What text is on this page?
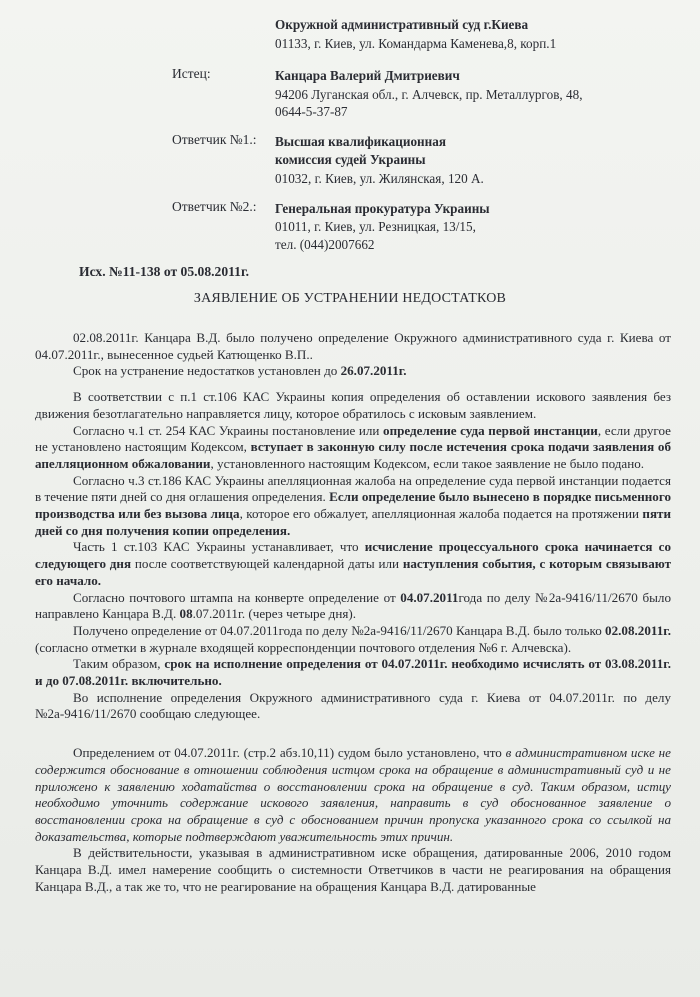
Окружной административный суд г.Киева
01133, г. Киев, ул. Командарма Каменева,8, корп.1
Истец:	Канцара Валерий Дмитриевич
94206 Луганская обл., г. Алчевск, пр. Металлургов, 48,
0644-5-37-87
Ответчик №1.: Высшая квалификационная
комиссия судей Украины
01032, г. Киев, ул. Жилянская, 120 А.
Ответчик №2.: Генеральная прокуратура Украины
01011, г. Киев, ул. Резницкая, 13/15,
тел. (044)2007662
Исх. №11-138 от 05.08.2011г.
ЗАЯВЛЕНИЕ ОБ УСТРАНЕНИИ НЕДОСТАТКОВ

02.08.2011г. Канцара В.Д. было получено определение Окружного административного суда г. Киева от 04.07.2011г., вынесенное судьей Катющенко В.П..

Срок на устранение недостатков установлен до 26.07.2011г.

В соответствии с п.1 ст.106 КАС Украины копия определения об оставлении искового заявления без движения безотлагательно направляется лицу, которое обратилось с исковым заявлением.

Согласно ч.1 ст. 254 КАС Украины постановление или определение суда первой инстанции, если другое не установлено настоящим Кодексом, вступает в законную силу после истечения срока подачи заявления об апелляционном обжаловании, установленного настоящим Кодексом, если такое заявление не было подано.

Согласно ч.3 ст.186 КАС Украины апелляционная жалоба на определение суда первой инстанции подается в течение пяти дней со дня оглашения определения. Если определение было вынесено в порядке письменного производства или без вызова лица, которое его обжалует, апелляционная жалоба подается на протяжении пяти дней со дня получения копии определения.

Часть 1 ст.103 КАС Украины устанавливает, что исчисление процессуального срока начинается со следующего дня после соответствующей календарной даты или наступления события, с которым связывают его начало.

Согласно почтового штампа на конверте определение от 04.07.2011года по делу №2а-9416/11/2670 было направлено Канцара В.Д. 08.07.2011г. (через четыре дня).

Получено определение от 04.07.2011года по делу №2а-9416/11/2670 Канцара В.Д. было только 02.08.2011г. (согласно отметки в журнале входящей корреспонденции почтового отделения №6 г. Алчевска).

Таким образом, срок на исполнение определения от 04.07.2011г. необходимо исчислять от 03.08.2011г. и до 07.08.2011г. включительно.

Во исполнение определения Окружного административного суда г. Киева от 04.07.2011г. по делу №2а-9416/11/2670 сообщаю следующее.

Определением от 04.07.2011г. (стр.2 абз.10,11) судом было установлено, что в административном иске не содержится обоснование в отношении соблюдения истцом срока на обращение в административный суд и не приложено к заявлению ходатайства о восстановлении срока на обращение в суд. Таким образом, истцу необходимо уточнить содержание искового заявления, направить в суд обоснованное заявление о восстановлении срока на обращение в суд с обоснованием причин пропуска указанного срока со ссылкой на доказательства, которые подтверждают уважительность этих причин.

В действительности, указывая в административном иске обращения, датированные 2006, 2010 годом Канцара В.Д. имел намерение сообщить о системности Ответчиков в части не реагирования на обращения Канцара В.Д., а так же то, что не реагирование на обращения Канцара В.Д. датированные
